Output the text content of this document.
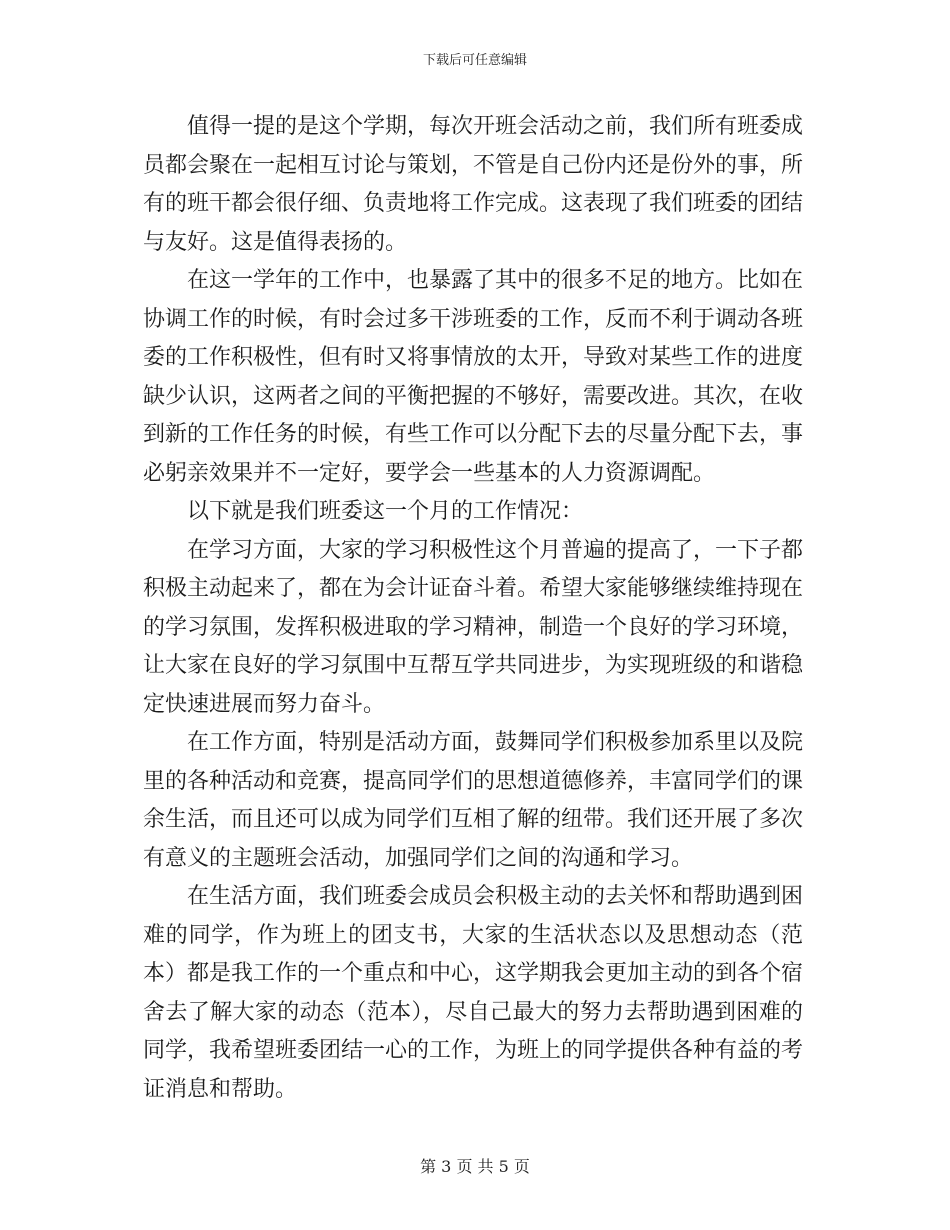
下载后可任意编辑

值得一提的是这个学期，每次开班会活动之前，我们所有班委成员都会聚在一起相互讨论与策划，不管是自己份内还是份外的事，所有的班干都会很仔细、负责地将工作完成。这表现了我们班委的团结与友好。这是值得表扬的。

在这一学年的工作中，也暴露了其中的很多不足的地方。比如在协调工作的时候，有时会过多干涉班委的工作，反而不利于调动各班委的工作积极性，但有时又将事情放的太开，导致对某些工作的进度缺少认识，这两者之间的平衡把握的不够好，需要改进。其次，在收到新的工作任务的时候，有些工作可以分配下去的尽量分配下去，事必躬亲效果并不一定好，要学会一些基本的人力资源调配。

以下就是我们班委这一个月的工作情况：

在学习方面，大家的学习积极性这个月普遍的提高了，一下子都积极主动起来了，都在为会计证奋斗着。希望大家能够继续维持现在的学习氛围，发挥积极进取的学习精神，制造一个良好的学习环境，让大家在良好的学习氛围中互帮互学共同进步，为实现班级的和谐稳定快速进展而努力奋斗。

在工作方面，特别是活动方面，鼓舞同学们积极参加系里以及院里的各种活动和竞赛，提高同学们的思想道德修养，丰富同学们的课余生活，而且还可以成为同学们互相了解的纽带。我们还开展了多次有意义的主题班会活动，加强同学们之间的沟通和学习。

在生活方面，我们班委会成员会积极主动的去关怀和帮助遇到困难的同学，作为班上的团支书，大家的生活状态以及思想动态（范本）都是我工作的一个重点和中心，这学期我会更加主动的到各个宿舍去了解大家的动态（范本），尽自己最大的努力去帮助遇到困难的同学，我希望班委团结一心的工作，为班上的同学提供各种有益的考证消息和帮助。

第 3 页 共 5 页
